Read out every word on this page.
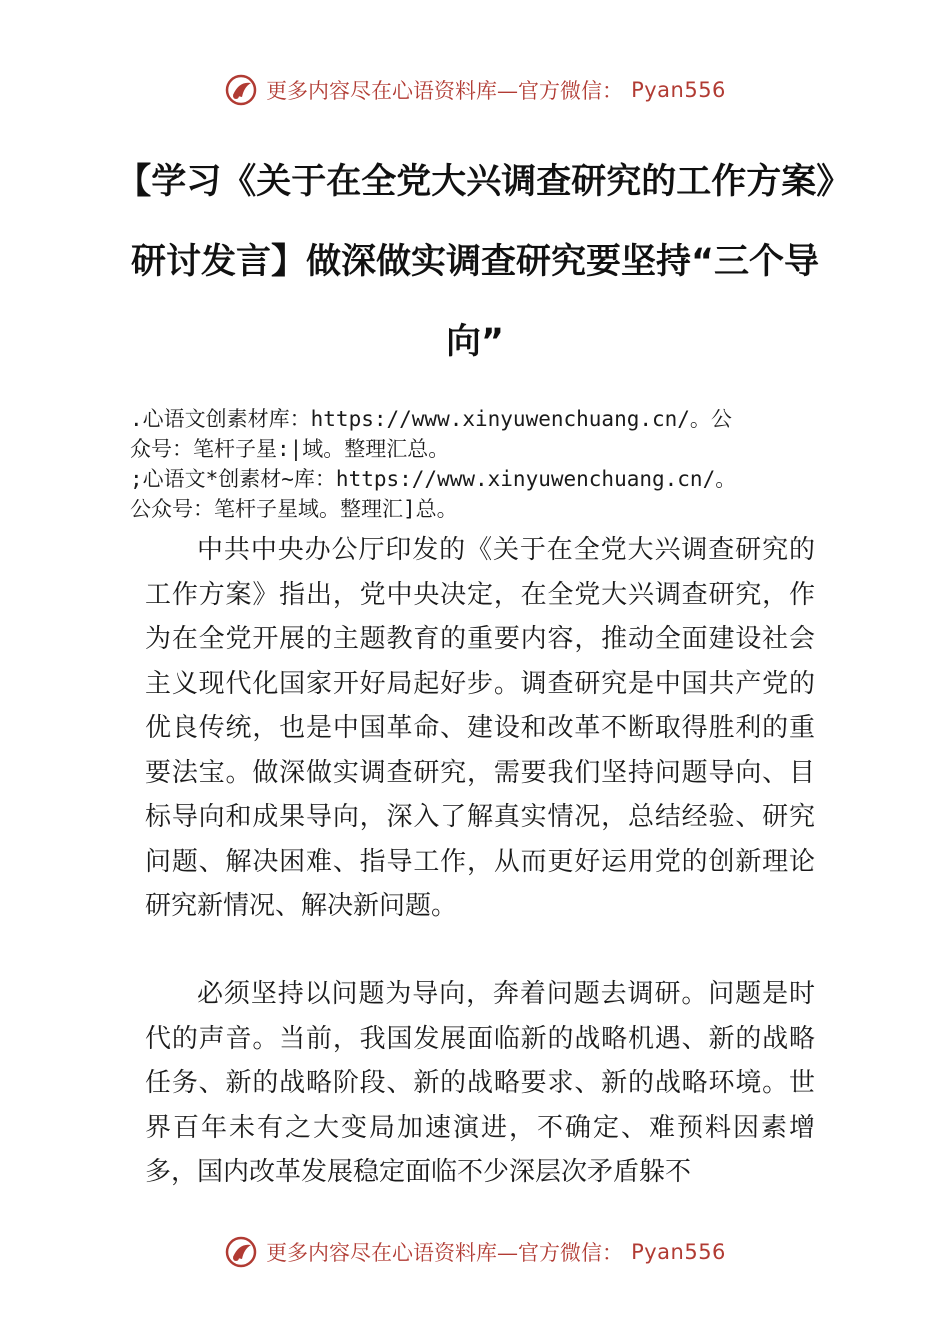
更多内容尽在心语资料库—官方微信： Pyan556
【学习《关于在全党大兴调查研究的工作方案》研讨发言】做深做实调查研究要坚持“三个导向”
.心语文创素材库：https://www.xinyuwenchuang.cn/。公
众号：笔杆子星:|域。整理汇总。
;心语文*创素材~库：https://www.xinyuwenchuang.cn/。
公众号：笔杆子星域。整理汇]总。

中共中央办公厅印发的《关于在全党大兴调查研究的工作方案》指出，党中央决定，在全党大兴调查研究，作为在全党开展的主题教育的重要内容，推动全面建设社会主义现代化国家开好局起好步。调查研究是中国共产党的优良传统，也是中国革命、建设和改革不断取得胜利的重要法宝。做深做实调查研究，需要我们坚持问题导向、目标导向和成果导向，深入了解真实情况，总结经验、研究问题、解决困难、指导工作，从而更好运用党的创新理论研究新情况、解决新问题。

必须坚持以问题为导向，奔着问题去调研。问题是时代的声音。当前，我国发展面临新的战略机遇、新的战略任务、新的战略阶段、新的战略要求、新的战略环境。世界百年未有之大变局加速演进，不确定、难预料因素增多，国内改革发展稳定面临不少深层次矛盾躲不

更多内容尽在心语资料库—官方微信： Pyan556
